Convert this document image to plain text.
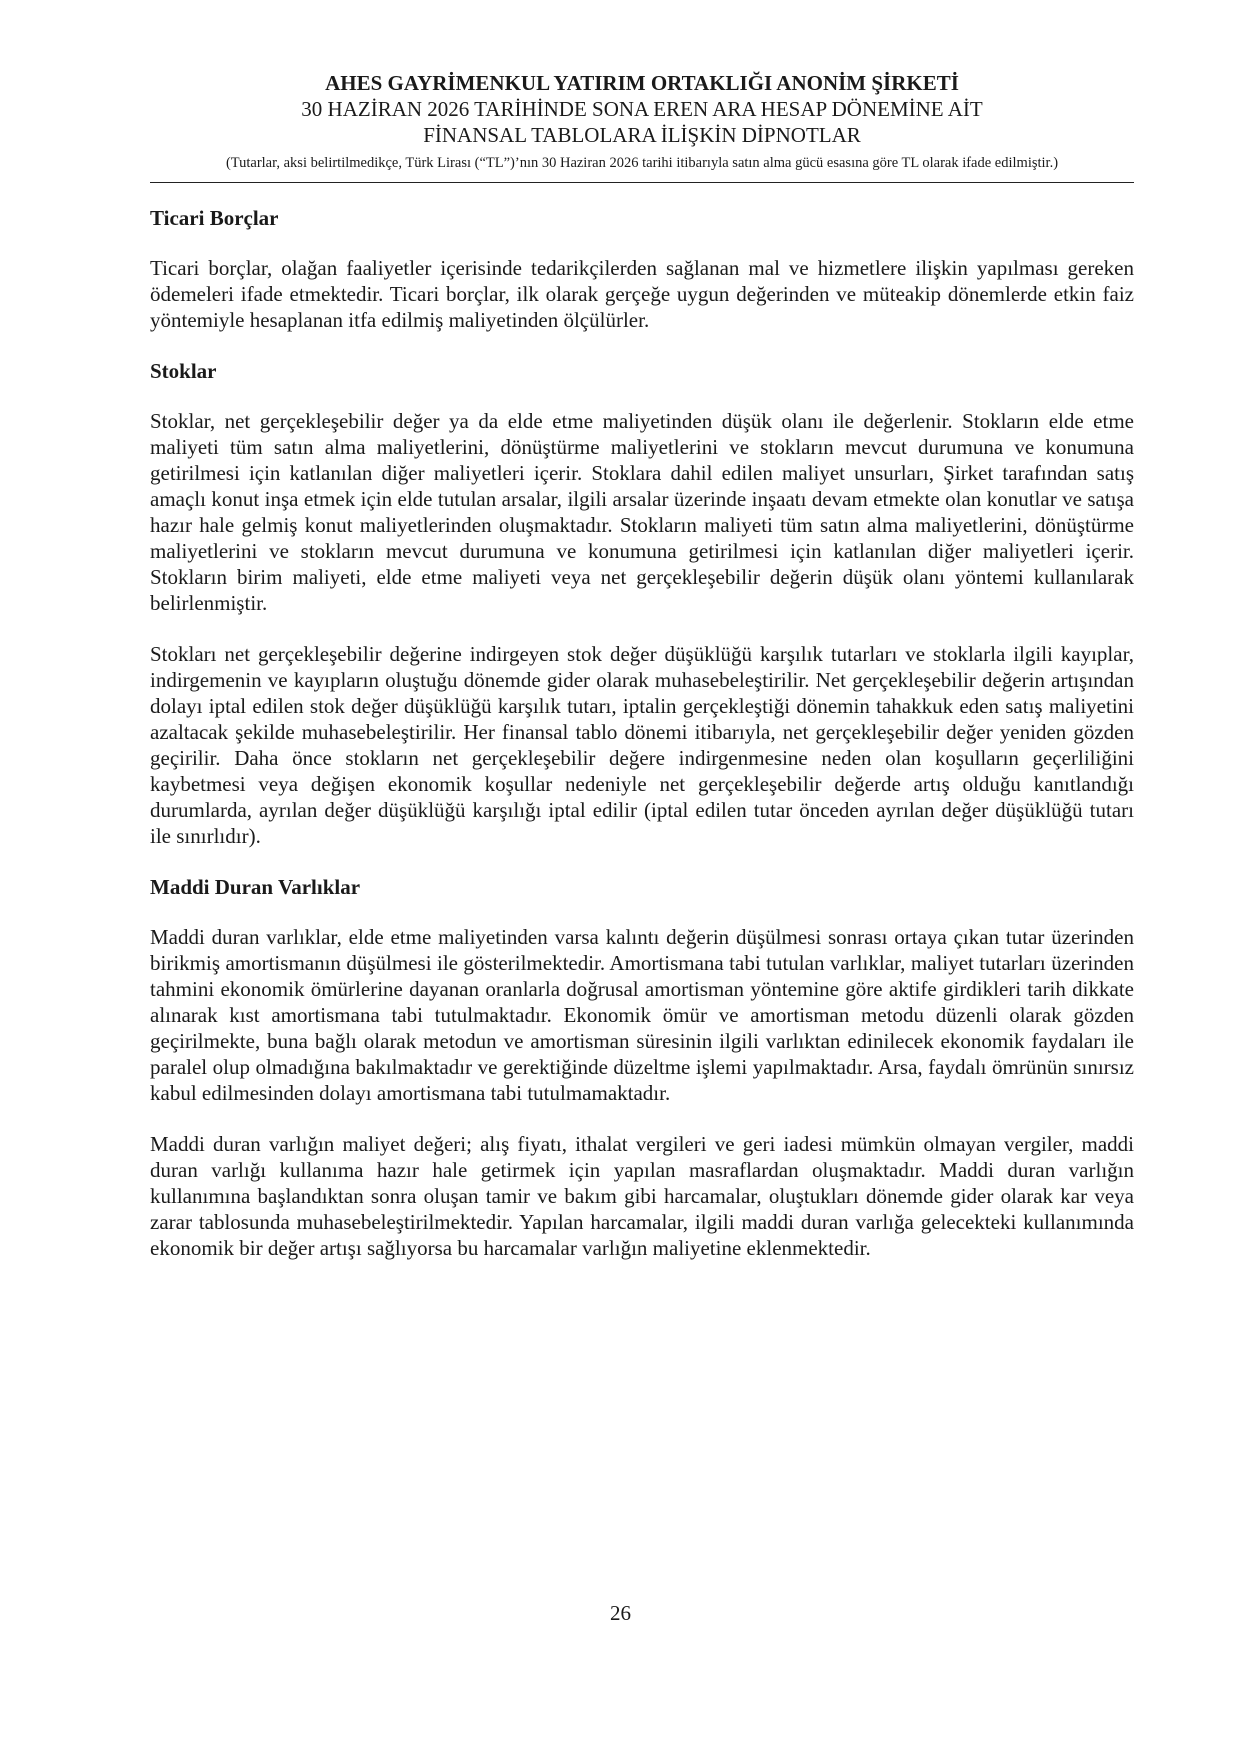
AHES GAYRİMENKUL YATIRIM ORTAKLIĞI ANONİM ŞİRKETİ

30 HAZİRAN 2026 TARİHİNDE SONA EREN ARA HESAP DÖNEMİNE AİT

FİNANSAL TABLOLARA İLİŞKİN DİPNOTLAR

(Tutarlar, aksi belirtilmedikçe, Türk Lirası (“TL”)’nın 30 Haziran 2026 tarihi itibarıyla satın alma gücü esasına göre TL olarak ifade edilmiştir.)

Ticari Borçlar

Ticari borçlar, olağan faaliyetler içerisinde tedarikçilerden sağlanan mal ve hizmetlere ilişkin yapılması gereken ödemeleri ifade etmektedir. Ticari borçlar, ilk olarak gerçeğe uygun değerinden ve müteakip dönemlerde etkin faiz yöntemiyle hesaplanan itfa edilmiş maliyetinden ölçülürler.

Stoklar

Stoklar, net gerçekleşebilir değer ya da elde etme maliyetinden düşük olanı ile değerlenir. Stokların elde etme maliyeti tüm satın alma maliyetlerini, dönüştürme maliyetlerini ve stokların mevcut durumuna ve konumuna getirilmesi için katlanılan diğer maliyetleri içerir. Stoklara dahil edilen maliyet unsurları, Şirket tarafından satış amaçlı konut inşa etmek için elde tutulan arsalar, ilgili arsalar üzerinde inşaatı devam etmekte olan konutlar ve satışa hazır hale gelmiş konut maliyetlerinden oluşmaktadır. Stokların maliyeti tüm satın alma maliyetlerini, dönüştürme maliyetlerini ve stokların mevcut durumuna ve konumuna getirilmesi için katlanılan diğer maliyetleri içerir. Stokların birim maliyeti, elde etme maliyeti veya net gerçekleşebilir değerin düşük olanı yöntemi kullanılarak belirlenmiştir.

Stokları net gerçekleşebilir değerine indirgeyen stok değer düşüklüğü karşılık tutarları ve stoklarla ilgili kayıplar, indirgemenin ve kayıpların oluştuğu dönemde gider olarak muhasebeleştirilir. Net gerçekleşebilir değerin artışından dolayı iptal edilen stok değer düşüklüğü karşılık tutarı, iptalin gerçekleştiği dönemin tahakkuk eden satış maliyetini azaltacak şekilde muhasebeleştirilir. Her finansal tablo dönemi itibarıyla, net gerçekleşebilir değer yeniden gözden geçirilir. Daha önce stokların net gerçekleşebilir değere indirgenmesine neden olan koşulların geçerliliğini kaybetmesi veya değişen ekonomik koşullar nedeniyle net gerçekleşebilir değerde artış olduğu kanıtlandığı durumlarda, ayrılan değer düşüklüğü karşılığı iptal edilir (iptal edilen tutar önceden ayrılan değer düşüklüğü tutarı ile sınırlıdır).

Maddi Duran Varlıklar

Maddi duran varlıklar, elde etme maliyetinden varsa kalıntı değerin düşülmesi sonrası ortaya çıkan tutar üzerinden birikmiş amortismanın düşülmesi ile gösterilmektedir. Amortismana tabi tutulan varlıklar, maliyet tutarları üzerinden tahmini ekonomik ömürlerine dayanan oranlarla doğrusal amortisman yöntemine göre aktife girdikleri tarih dikkate alınarak kıst amortismana tabi tutulmaktadır. Ekonomik ömür ve amortisman metodu düzenli olarak gözden geçirilmekte, buna bağlı olarak metodun ve amortisman süresinin ilgili varlıktan edinilecek ekonomik faydaları ile paralel olup olmadığına bakılmaktadır ve gerektiğinde düzeltme işlemi yapılmaktadır. Arsa, faydalı ömrünün sınırsız kabul edilmesinden dolayı amortismana tabi tutulmamaktadır.

Maddi duran varlığın maliyet değeri; alış fiyatı, ithalat vergileri ve geri iadesi mümkün olmayan vergiler, maddi duran varlığı kullanıma hazır hale getirmek için yapılan masraflardan oluşmaktadır. Maddi duran varlığın kullanımına başlandıktan sonra oluşan tamir ve bakım gibi harcamalar, oluştukları dönemde gider olarak kar veya zarar tablosunda muhasebeleştirilmektedir. Yapılan harcamalar, ilgili maddi duran varlığa gelecekteki kullanımında ekonomik bir değer artışı sağlıyorsa bu harcamalar varlığın maliyetine eklenmektedir.

26
